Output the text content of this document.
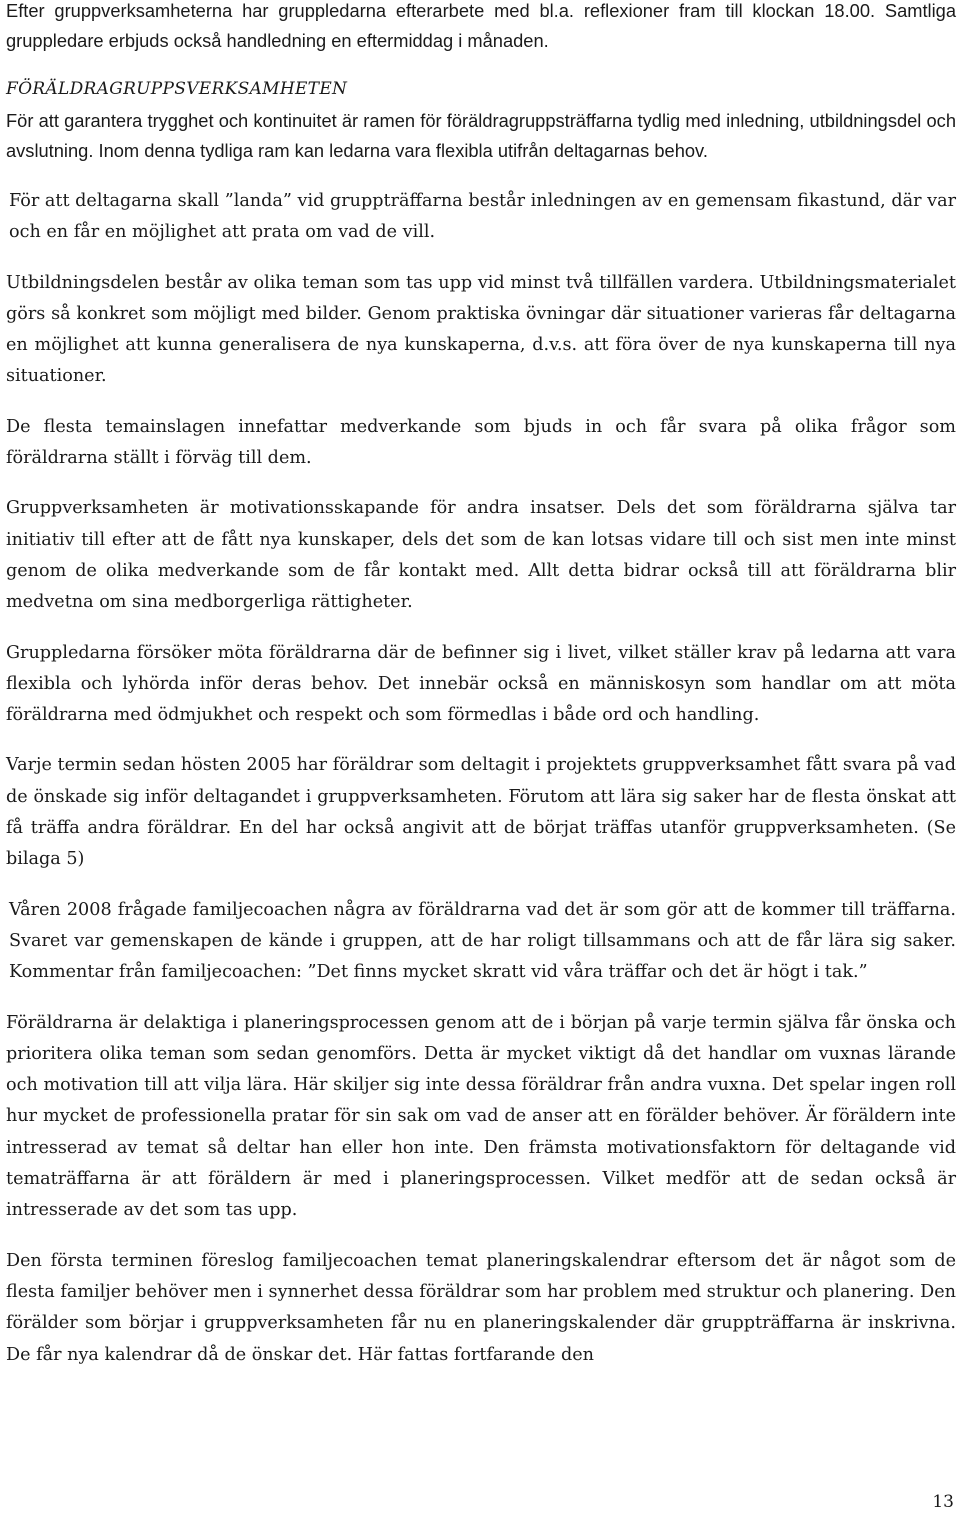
Efter gruppverksamheterna har gruppledarna efterarbete med bl.a. reflexioner fram till klockan 18.00. Samtliga gruppledare erbjuds också handledning en eftermiddag i månaden.

FÖRÄLDRAGRUPPSVERKSAMHETEN

För att garantera trygghet och kontinuitet är ramen för föräldragruppsträffarna tydlig med inledning, utbildningsdel och avslutning. Inom denna tydliga ram kan ledarna vara flexibla utifrån deltagarnas behov.

För att deltagarna skall ”landa” vid gruppträffarna består inledningen av en gemensam fikastund, där var och en får en möjlighet att prata om vad de vill.

Utbildningsdelen består av olika teman som tas upp vid minst två tillfällen vardera. Utbildningsmaterialet görs så konkret som möjligt med bilder. Genom praktiska övningar där situationer varieras får deltagarna en möjlighet att kunna generalisera de nya kunskaperna, d.v.s. att föra över de nya kunskaperna till nya situationer.

De flesta temainslagen innefattar medverkande som bjuds in och får svara på olika frågor som föräldrarna ställt i förväg till dem.

Gruppverksamheten är motivationsskapande för andra insatser. Dels det som föräldrarna själva tar initiativ till efter att de fått nya kunskaper, dels det som de kan lotsas vidare till och sist men inte minst genom de olika medverkande som de får kontakt med. Allt detta bidrar också till att föräldrarna blir medvetna om sina medborgerliga rättigheter.

Gruppledarna försöker möta föräldrarna där de befinner sig i livet, vilket ställer krav på ledarna att vara flexibla och lyhörda inför deras behov. Det innebär också en människosyn som handlar om att möta föräldrarna med ödmjukhet och respekt och som förmedlas i både ord och handling.

Varje termin sedan hösten 2005 har föräldrar som deltagit i projektets gruppverksamhet fått svara på vad de önskade sig inför deltagandet i gruppverksamheten. Förutom att lära sig saker har de flesta önskat att få träffa andra föräldrar. En del har också angivit att de börjat träffas utanför gruppverksamheten. (Se bilaga 5)

Våren 2008 frågade familjecoachen några av föräldrarna vad det är som gör att de kommer till träffarna. Svaret var gemenskapen de kände i gruppen, att de har roligt tillsammans och att de får lära sig saker. Kommentar från familjecoachen: ”Det finns mycket skratt vid våra träffar och det är högt i tak.”

Föräldrarna är delaktiga i planeringsprocessen genom att de i början på varje termin själva får önska och prioritera olika teman som sedan genomförs. Detta är mycket viktigt då det handlar om vuxnas lärande och motivation till att vilja lära. Här skiljer sig inte dessa föräldrar från andra vuxna. Det spelar ingen roll hur mycket de professionella pratar för sin sak om vad de anser att en förälder behöver. Är föräldern inte intresserad av temat så deltar han eller hon inte. Den främsta motivationsfaktorn för deltagande vid tematräffarna är att föräldern är med i planeringsprocessen. Vilket medför att de sedan också är intresserade av det som tas upp.

Den första terminen föreslog familjecoachen temat planeringskalendrar eftersom det är något som de flesta familjer behöver men i synnerhet dessa föräldrar som har problem med struktur och planering. Den förälder som börjar i gruppverksamheten får nu en planeringskalender där gruppträffarna är inskrivna. De får nya kalendrar då de önskar det. Här fattas fortfarande den

13
